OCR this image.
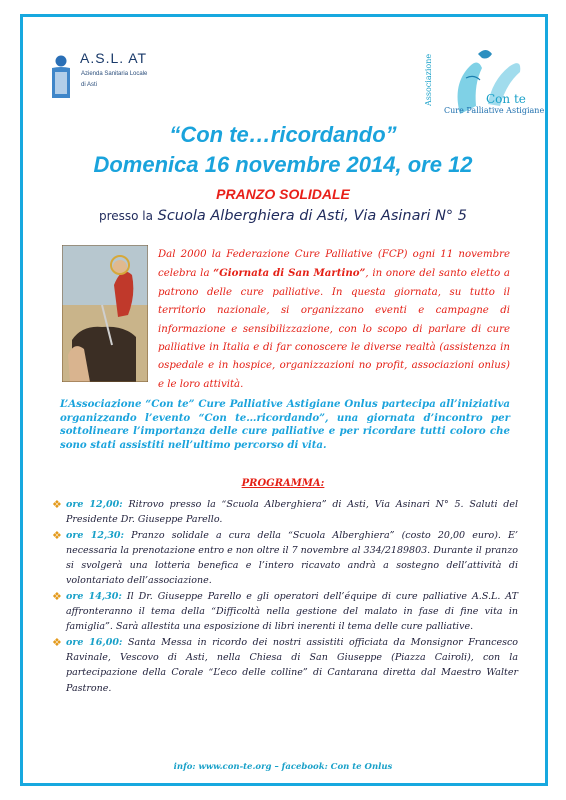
A.S.L. AT
Azienda Sanitaria Locale
di Asti	Associazione	Con te
Cure Palliative Astigiane
“Con te…ricordando”
Domenica 16 novembre 2014, ore 12
PRANZO SOLIDALE
presso la Scuola Alberghiera di Asti, Via Asinari N° 5
Dal 2000 la Federazione Cure Palliative (FCP) ogni 11 novembre celebra la “Giornata di San Martino”, in onore del santo eletto a patrono delle cure palliative. In questa giornata, su tutto il territorio nazionale, si organizzano eventi e campagne di informazione e sensibilizzazione, con lo scopo di parlare di cure palliative in Italia e di far conoscere le diverse realtà (assistenza in ospedale e in hospice, organizzazioni no profit, associazioni onlus) e le loro attività.
L’Associazione “Con te” Cure Palliative Astigiane Onlus partecipa all’iniziativa organizzando l’evento “Con te…ricordando”, una giornata d’incontro per sottolineare l’importanza delle cure palliative e per ricordare tutti coloro che sono stati assistiti nell’ultimo percorso di vita.
PROGRAMMA:
❖ ore 12,00: Ritrovo presso la “Scuola Alberghiera” di Asti, Via Asinari N° 5. Saluti del Presidente Dr. Giuseppe Parello.
❖ ore 12,30: Pranzo solidale a cura della “Scuola Alberghiera” (costo 20,00 euro). E’ necessaria la prenotazione entro e non oltre il 7 novembre al 334/2189803. Durante il pranzo si svolgerà una lotteria benefica e l’intero ricavato andrà a sostegno dell’attività di volontariato dell’associazione.
❖ ore 14,30: Il Dr. Giuseppe Parello e gli operatori dell’équipe di cure palliative A.S.L. AT affronteranno il tema della “Difficoltà nella gestione del malato in fase di fine vita in famiglia”. Sarà allestita una esposizione di libri inerenti il tema delle cure palliative.
❖ ore 16,00: Santa Messa in ricordo dei nostri assistiti officiata da Monsignor Francesco Ravinale, Vescovo di Asti, nella Chiesa di San Giuseppe (Piazza Cairoli), con la partecipazione della Corale “L’eco delle colline” di Cantarana diretta dal Maestro Walter Pastrone.
info: www.con-te.org – facebook: Con te Onlus
